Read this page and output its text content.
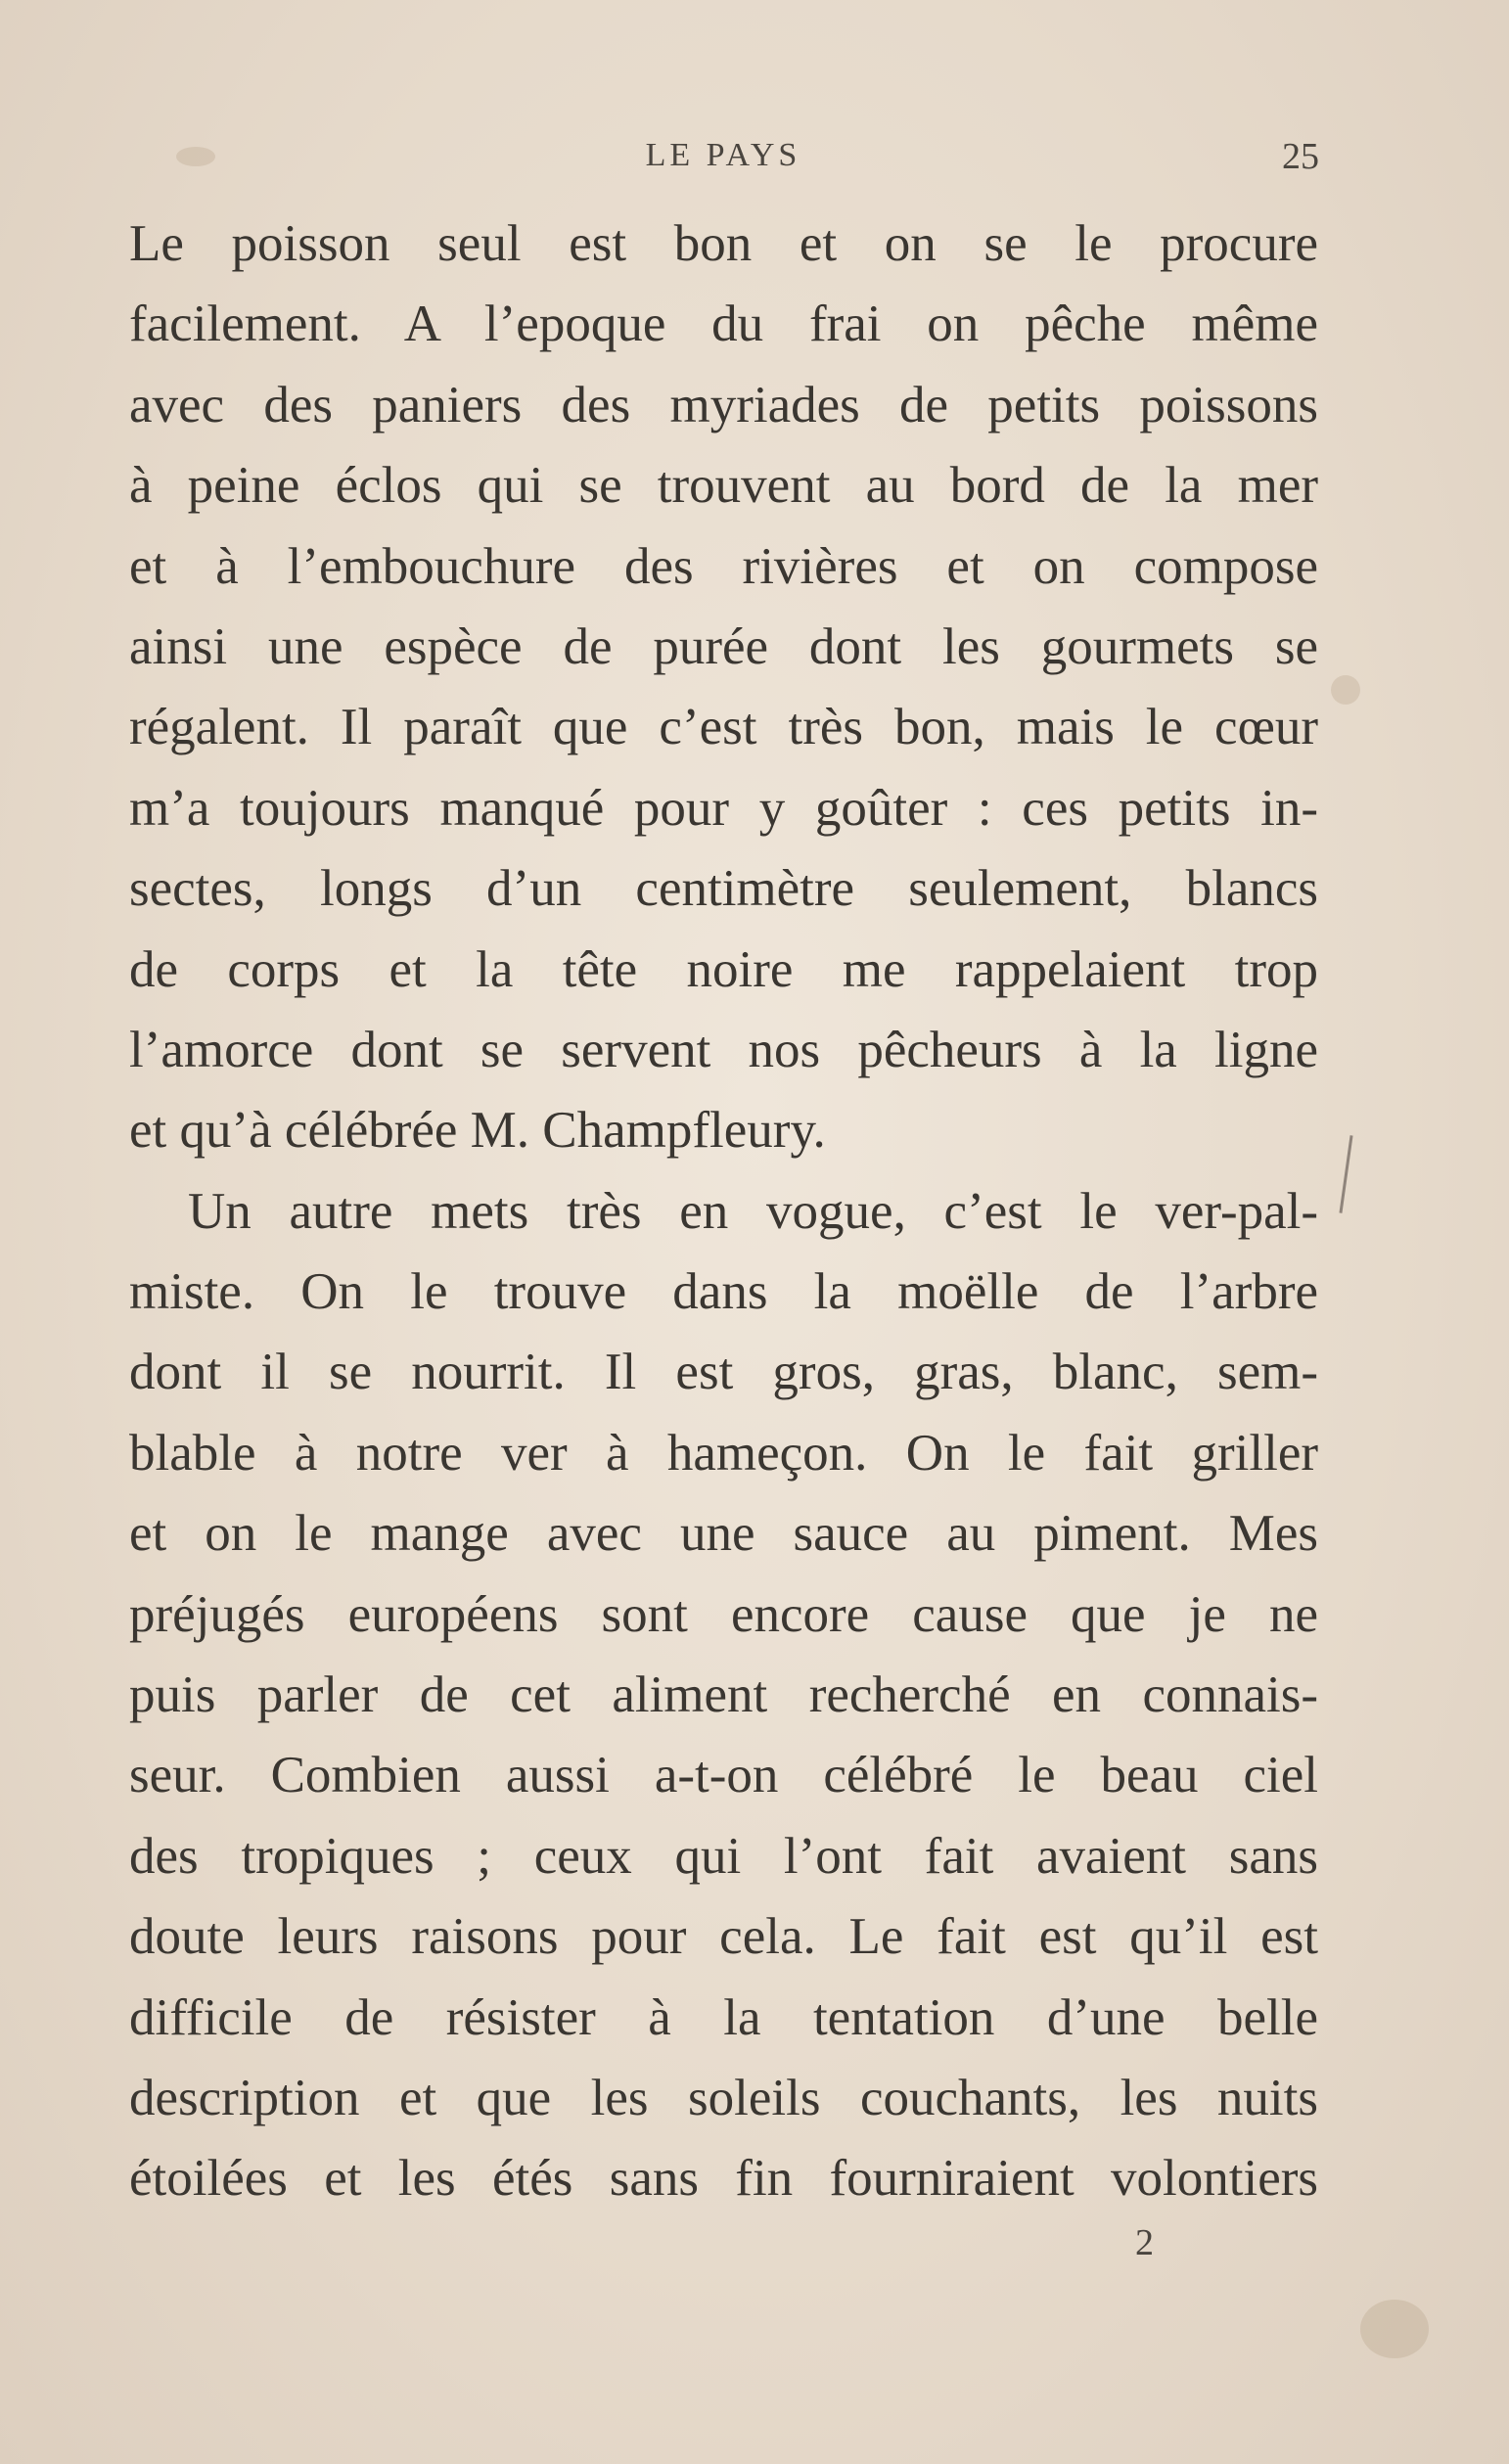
LE PAYS	25
Le poisson seul est bon et on se le procure
facilement. A l’epoque du frai on pêche même
avec des paniers des myriades de petits poissons
à peine éclos qui se trouvent au bord de la mer
et à l’embouchure des rivières et on compose
ainsi une espèce de purée dont les gourmets se
régalent. Il paraît que c’est très bon, mais le cœur
m’a toujours manqué pour y goûter : ces petits in-
sectes, longs d’un centimètre seulement, blancs
de corps et la tête noire me rappelaient trop
l’amorce dont se servent nos pêcheurs à la ligne
et qu’à célébrée M. Champfleury.
Un autre mets très en vogue, c’est le ver-pal-
miste. On le trouve dans la moëlle de l’arbre
dont il se nourrit. Il est gros, gras, blanc, sem-
blable à notre ver à hameçon. On le fait griller
et on le mange avec une sauce au piment. Mes
préjugés européens sont encore cause que je ne
puis parler de cet aliment recherché en connais-
seur. Combien aussi a-t-on célébré le beau ciel
des tropiques ; ceux qui l’ont fait avaient sans
doute leurs raisons pour cela. Le fait est qu’il est
difficile de résister à la tentation d’une belle
description et que les soleils couchants, les nuits
étoilées et les étés sans fin fourniraient volontiers
2
